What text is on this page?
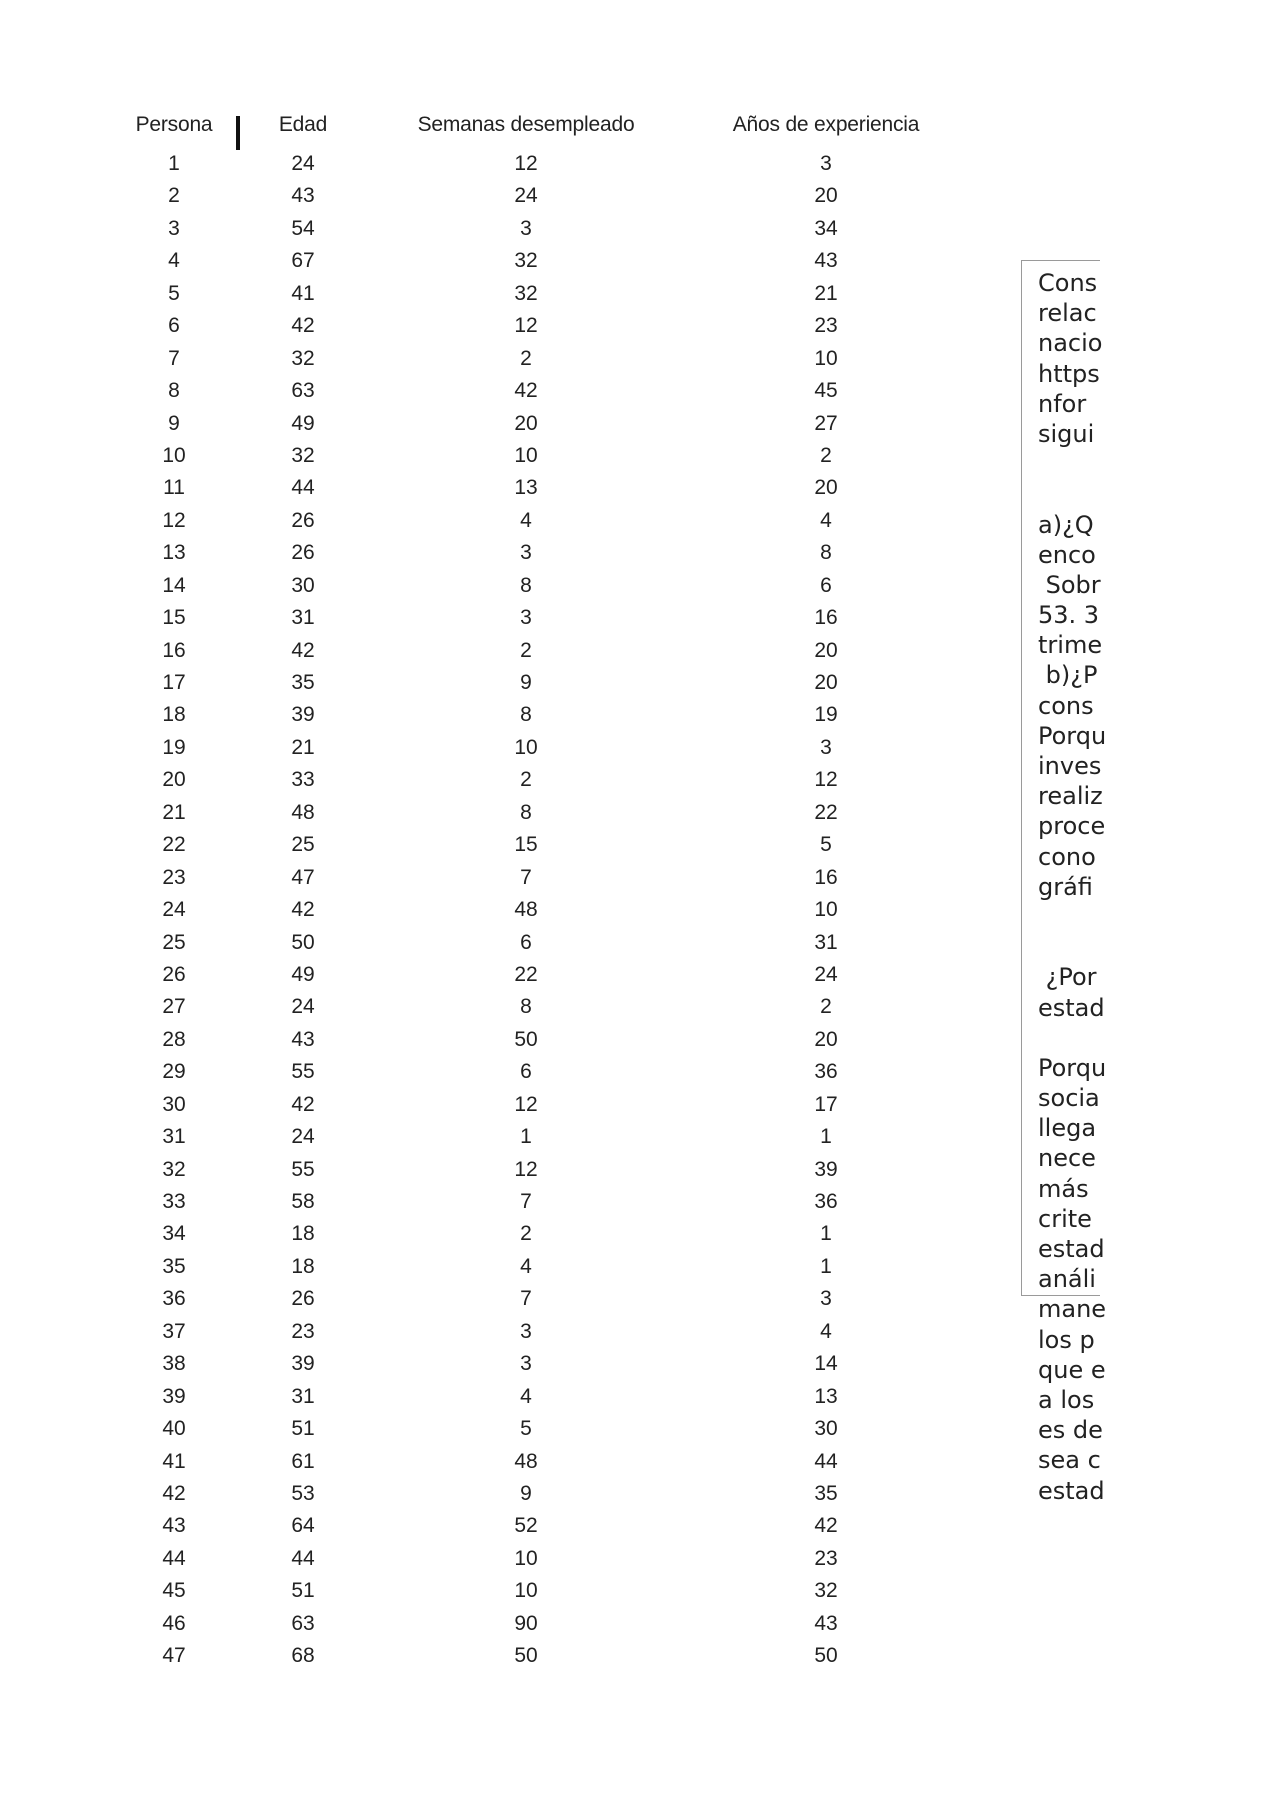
Persona	Edad	Semanas desempleado	Años de experiencia
1	24	12	3
2	43	24	20
3	54	3	34
4	67	32	43
5	41	32	21
6	42	12	23
7	32	2	10
8	63	42	45
9	49	20	27
10	32	10	2
11	44	13	20
12	26	4	4
13	26	3	8
14	30	8	6
15	31	3	16
16	42	2	20
17	35	9	20
18	39	8	19
19	21	10	3
20	33	2	12
21	48	8	22
22	25	15	5
23	47	7	16
24	42	48	10
25	50	6	31
26	49	22	24
27	24	8	2
28	43	50	20
29	55	6	36
30	42	12	17
31	24	1	1
32	55	12	39
33	58	7	36
34	18	2	1
35	18	4	1
36	26	7	3
37	23	3	4
38	39	3	14
39	31	4	13
40	51	5	30
41	61	48	44
42	53	9	35
43	64	52	42
44	44	10	23
45	51	10	32
46	63	90	43
47	68	50	50
Cons
relac
nacio
https
nfor
sigui
a)¿Q
enco
Sobr
53. 3
trime
b)¿P
cons
Porqu
inves
realiz
proce
cono
gráfi
¿Por
estad
Porqu
socia
llega
nece
más
crite
estad
análi
mane
los p
que e
a los
es de
sea c
estad
